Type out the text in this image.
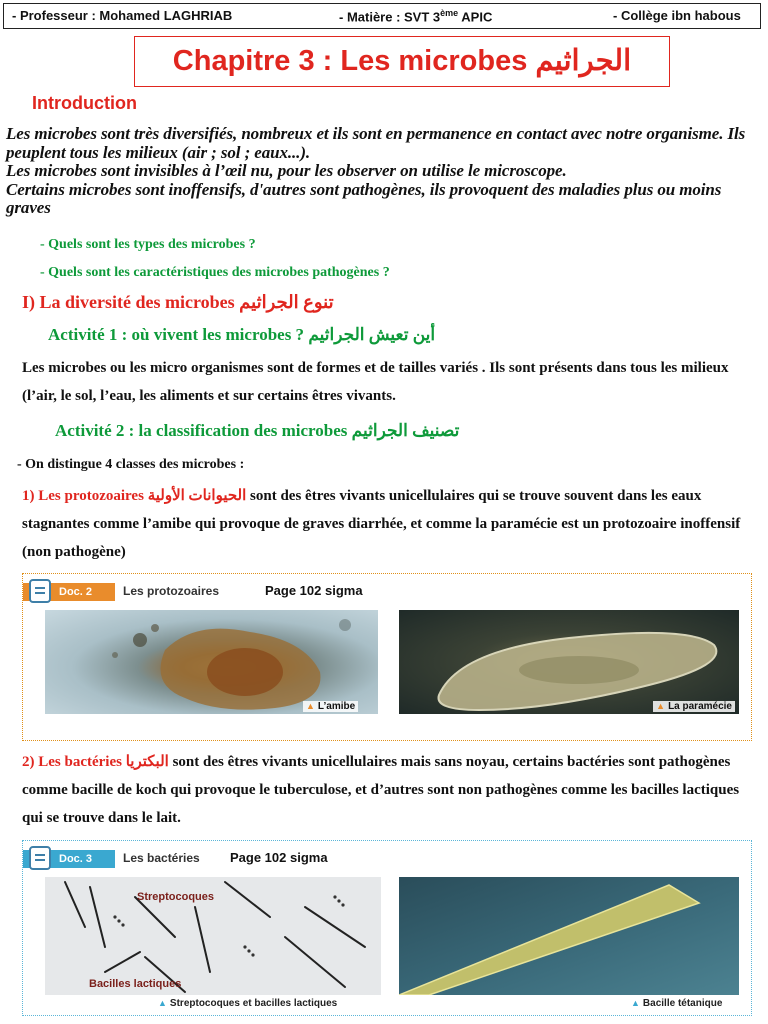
- Professeur : Mohamed LAGHRIAB	- Matière : SVT 3ème APIC	- Collège ibn habous
Chapitre 3 : Les microbes الجراثيم
Introduction

Les microbes sont très diversifiés, nombreux et ils sont en permanence en contact avec notre organisme. Ils peuplent tous les milieux (air ; sol ; eaux...).

Les microbes sont invisibles à l’œil nu, pour les observer on utilise le microscope.

Certains microbes sont inoffensifs, d'autres sont pathogènes, ils provoquent des maladies plus ou moins graves

- Quels sont les types des microbes ?
- Quels sont les caractéristiques des microbes pathogènes ?
I) La diversité des microbes تنوع الجراثيم
Activité 1 : où vivent les microbes ? أين تعيش الجراثيم
Les microbes ou les micro organismes sont de formes et de tailles variés . Ils sont présents dans tous les milieux (l’air, le sol, l’eau, les aliments et sur certains êtres vivants.
Activité 2 : la classification des microbes تصنيف الجراثيم
- On distingue 4 classes des microbes :
1) Les protozoaires الحيوانات الأولية sont des êtres vivants unicellulaires qui se trouve souvent dans les eaux stagnantes comme l’amibe qui provoque de graves diarrhée, et comme la paramécie est un protozoaire inoffensif (non pathogène)
Doc. 2	Les protozoaires	Page 102 sigma
▲ L’amibe	▲ La paramécie
2) Les bactéries البكتريا sont des êtres vivants unicellulaires mais sans noyau, certains bactéries sont pathogènes comme bacille de koch qui provoque le tuberculose, et d’autres sont non pathogènes comme les bacilles lactiques qui se trouve dans le lait.
Doc. 3	Les bactéries Page 102 sigma
Streptocoques
Bacilles lactiques
▲ Streptocoques et bacilles lactiques	▲ Bacille tétanique
